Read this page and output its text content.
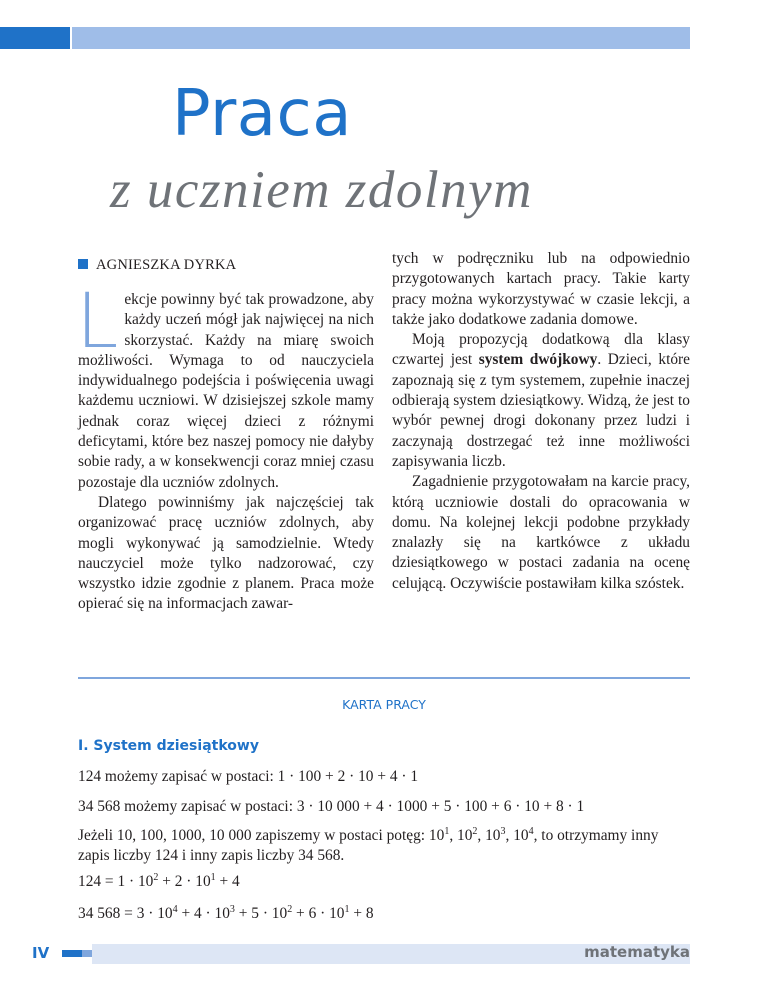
Praca
z uczniem zdolnym
AGNIESZKA DYRKA

Lekcje powinny być tak prowadzone, aby każdy uczeń mógł jak najwięcej na nich skorzystać. Każdy na miarę swoich możliwości. Wymaga to od nauczyciela indywidualnego podejścia i poświęcenia uwagi każdemu uczniowi. W dzisiejszej szkole mamy jednak coraz więcej dzieci z różnymi deficytami, które bez naszej pomocy nie dałyby sobie rady, a w konsekwencji coraz mniej czasu pozostaje dla uczniów zdolnych.

Dlatego powinniśmy jak najczęściej tak organizować pracę uczniów zdolnych, aby mogli wykonywać ją samodzielnie. Wtedy nauczyciel może tylko nadzorować, czy wszystko idzie zgodnie z planem. Praca może opierać się na informacjach zawar-

tych w podręczniku lub na odpowiednio przygotowanych kartach pracy. Takie karty pracy można wykorzystywać w czasie lekcji, a także jako dodatkowe zadania domowe.

Moją propozycją dodatkową dla klasy czwartej jest system dwójkowy. Dzieci, które zapoznają się z tym systemem, zupełnie inaczej odbierają system dziesiątkowy. Widzą, że jest to wybór pewnej drogi dokonany przez ludzi i zaczynają dostrzegać też inne możliwości zapisywania liczb.

Zagadnienie przygotowałam na karcie pracy, którą uczniowie dostali do opracowania w domu. Na kolejnej lekcji podobne przykłady znalazły się na kartkówce z układu dziesiątkowego w postaci zadania na ocenę celującą. Oczywiście postawiłam kilka szóstek.

KARTA PRACY
I. System dziesiątkowy
124 możemy zapisać w postaci: 1 · 100 + 2 · 10 + 4 · 1
34 568 możemy zapisać w postaci: 3 · 10 000 + 4 · 1000 + 5 · 100 + 6 · 10 + 8 · 1
Jeżeli 10, 100, 1000, 10 000 zapiszemy w postaci potęg: $10^1$, $10^2$, $10^3$, $10^4$, to otrzymamy inny zapis liczby 124 i inny zapis liczby 34 568.
$124 = 1 \cdot 10^2 + 2 \cdot 10^1 + 4$
34 $568 = 3 \cdot 10^4 + 4 \cdot 10^3 + 5 \cdot 10^2 + 6 \cdot 10^1 + 8$
IV	matematyka
